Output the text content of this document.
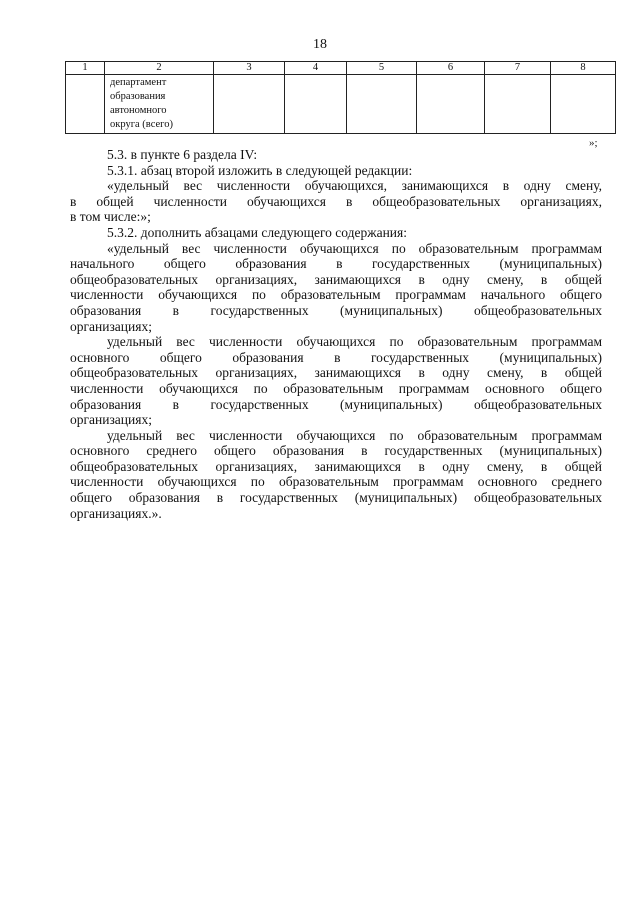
18
1	2	3	4	5	6	7	8

	департамент
образования
автономного
округа (всего)						

»;

5.3. в пункте 6 раздела IV:

5.3.1. абзац второй изложить в следующей редакции:

«удельный вес численности обучающихся, занимающихся в одну смену,

в общей численности обучающихся в общеобразовательных организациях,

в том числе:»;

5.3.2. дополнить абзацами следующего содержания:

«удельный вес численности обучающихся по образовательным программам

начального общего образования в государственных (муниципальных)

общеобразовательных организациях, занимающихся в одну смену, в общей

численности обучающихся по образовательным программам начального общего

образования в государственных (муниципальных) общеобразовательных

организациях;

удельный вес численности обучающихся по образовательным программам

основного общего образования в государственных (муниципальных)

общеобразовательных организациях, занимающихся в одну смену, в общей

численности обучающихся по образовательным программам основного общего

образования в государственных (муниципальных) общеобразовательных

организациях;

удельный вес численности обучающихся по образовательным программам

основного среднего общего образования в государственных (муниципальных)

общеобразовательных организациях, занимающихся в одну смену, в общей

численности обучающихся по образовательным программам основного среднего

общего образования в государственных (муниципальных) общеобразовательных

организациях.».
